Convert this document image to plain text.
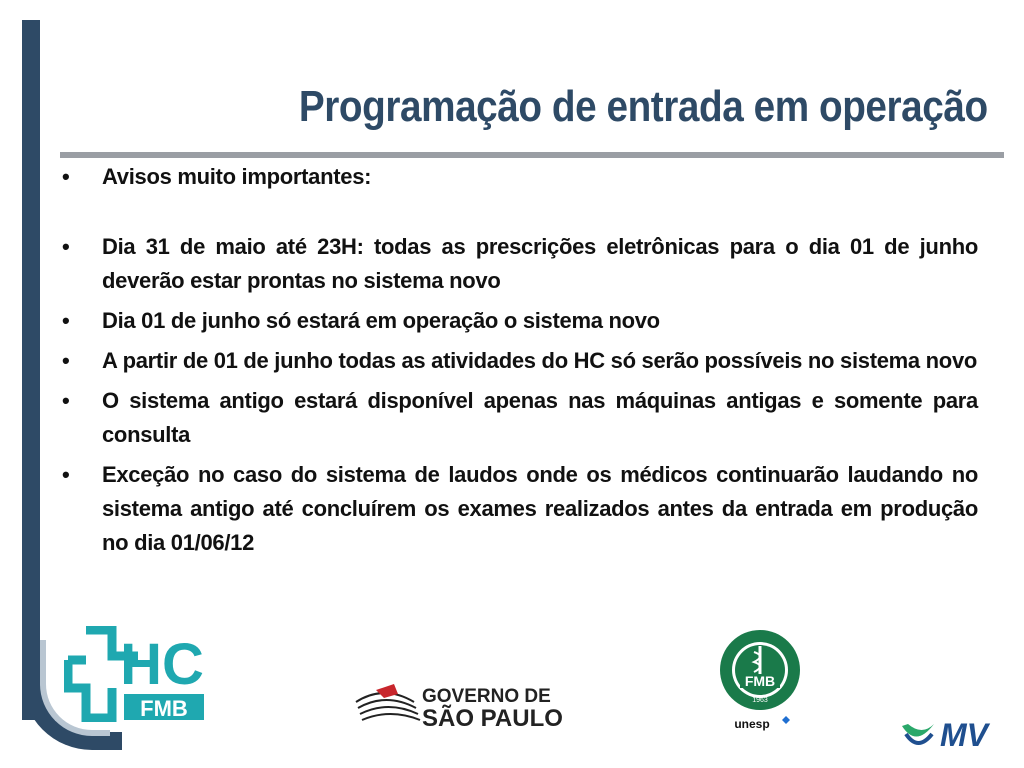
Programação de entrada em operação
• Avisos muito importantes:
• Dia 31 de maio até 23H: todas as prescrições eletrônicas para o dia 01 de junho deverão estar prontas no sistema novo
• Dia 01 de junho só estará em operação o sistema novo
• A partir de 01 de junho todas as atividades do HC só serão possíveis no sistema novo
• O sistema antigo estará disponível apenas nas máquinas antigas e somente para consulta
• Exceção no caso do sistema de laudos onde os médicos continuarão laudando no sistema antigo até concluírem os exames realizados antes da entrada em produção no dia 01/06/12
HC
FMB	GOVERNO DE
SÃO PAULO
FMB
1963
unesp	MV
